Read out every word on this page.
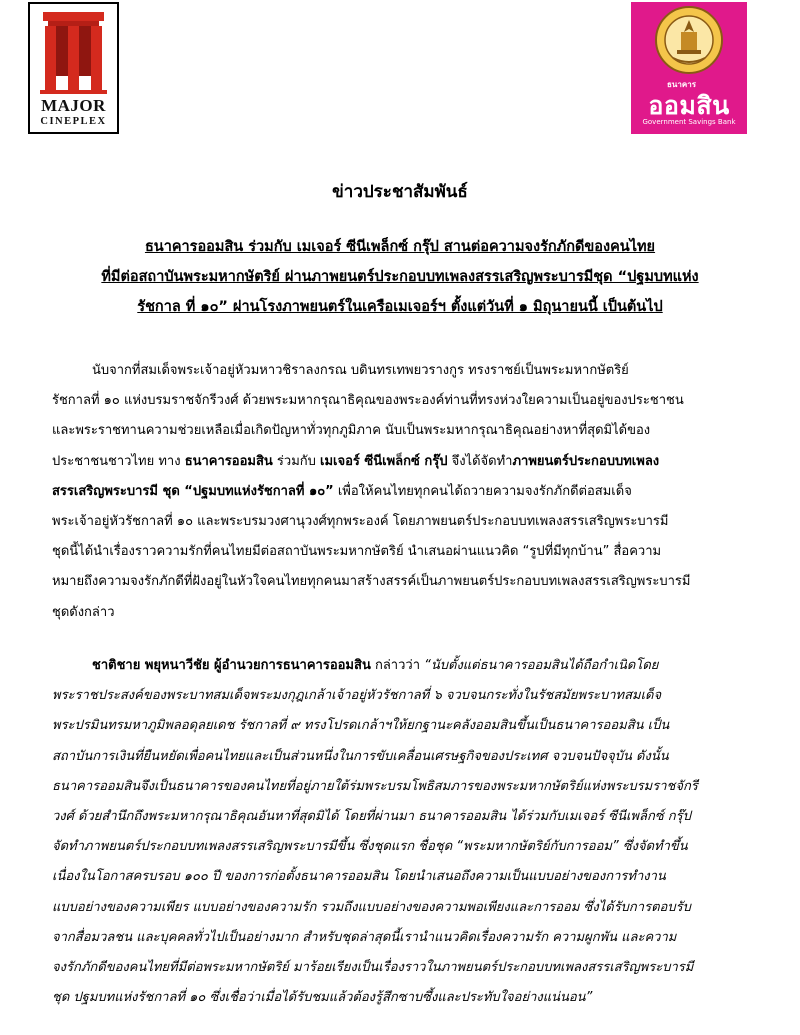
MAJOR
CINEPLEX
ธนาคาร
ออมสิน
Government Savings Bank
ข่าวประชาสัมพันธ์
ธนาคารออมสิน ร่วมกับ เมเจอร์ ซีนีเพล็กซ์ กรุ๊ป สานต่อความจงรักภักดีของคนไทย
ที่มีต่อสถาบันพระมหากษัตริย์ ผ่านภาพยนตร์ประกอบบทเพลงสรรเสริญพระบารมีชุด “ปฐมบทแห่ง
รัชกาล ที่ ๑๐” ผ่านโรงภาพยนตร์ในเครือเมเจอร์ฯ ตั้งแต่วันที่ ๑ มิถุนายนนี้ เป็นต้นไป
นับจากที่สมเด็จพระเจ้าอยู่หัวมหาวชิราลงกรณ บดินทรเทพยวรางกูร ทรงราชย์เป็นพระมหากษัตริย์
รัชกาลที่ ๑๐ แห่งบรมราชจักรีวงศ์ ด้วยพระมหากรุณาธิคุณของพระองค์ท่านที่ทรงห่วงใยความเป็นอยู่ของประชาชน
และพระราชทานความช่วยเหลือเมื่อเกิดปัญหาทั่วทุกภูมิภาค นับเป็นพระมหากรุณาธิคุณอย่างหาที่สุดมิได้ของ
ประชาชนชาวไทย ทาง ธนาคารออมสิน ร่วมกับ เมเจอร์ ซีนีเพล็กซ์ กรุ๊ป จึงได้จัดทำภาพยนตร์ประกอบบทเพลง
สรรเสริญพระบารมี ชุด “ปฐมบทแห่งรัชกาลที่ ๑๐” เพื่อให้คนไทยทุกคนได้ถวายความจงรักภักดีต่อสมเด็จ
พระเจ้าอยู่หัวรัชกาลที่ ๑๐ และพระบรมวงศานุวงศ์ทุกพระองค์ โดยภาพยนตร์ประกอบบทเพลงสรรเสริญพระบารมี
ชุดนี้ได้นำเรื่องราวความรักที่คนไทยมีต่อสถาบันพระมหากษัตริย์ นำเสนอผ่านแนวคิด “รูปที่มีทุกบ้าน” สื่อความ
หมายถึงความจงรักภักดีที่ฝังอยู่ในหัวใจคนไทยทุกคนมาสร้างสรรค์เป็นภาพยนตร์ประกอบบทเพลงสรรเสริญพระบารมี
ชุดดังกล่าว
ชาติชาย พยุหนาวีชัย ผู้อำนวยการธนาคารออมสิน กล่าวว่า “นับตั้งแต่ธนาคารออมสินได้ถือกำเนิดโดย
พระราชประสงค์ของพระบาทสมเด็จพระมงกุฎเกล้าเจ้าอยู่หัวรัชกาลที่ ๖ จวบจนกระทั่งในรัชสมัยพระบาทสมเด็จ
พระปรมินทรมหาภูมิพลอดุลยเดช รัชกาลที่ ๙ ทรงโปรดเกล้าฯให้ยกฐานะคลังออมสินขึ้นเป็นธนาคารออมสิน เป็น
สถาบันการเงินที่ยืนหยัดเพื่อคนไทยและเป็นส่วนหนึ่งในการขับเคลื่อนเศรษฐกิจของประเทศ จวบจนปัจจุบัน ดังนั้น
ธนาคารออมสินจึงเป็นธนาคารของคนไทยที่อยู่ภายใต้ร่มพระบรมโพธิสมภารของพระมหากษัตริย์แห่งพระบรมราชจักรี
วงศ์ ด้วยสำนึกถึงพระมหากรุณาธิคุณอันหาที่สุดมิได้ โดยที่ผ่านมา ธนาคารออมสิน ได้ร่วมกับเมเจอร์ ซีนีเพล็กซ์ กรุ๊ป
จัดทำภาพยนตร์ประกอบบทเพลงสรรเสริญพระบารมีขึ้น ซึ่งชุดแรก ชื่อชุด “พระมหากษัตริย์กับการออม” ซึ่งจัดทำขึ้น
เนื่องในโอกาสครบรอบ ๑๐๐ ปี ของการก่อตั้งธนาคารออมสิน โดยนำเสนอถึงความเป็นแบบอย่างของการทำงาน
แบบอย่างของความเพียร แบบอย่างของความรัก รวมถึงแบบอย่างของความพอเพียงและการออม ซึ่งได้รับการตอบรับ
จากสื่อมวลชน และบุคคลทั่วไปเป็นอย่างมาก สำหรับชุดล่าสุดนี้เรานำแนวคิดเรื่องความรัก ความผูกพัน และความ
จงรักภักดีของคนไทยที่มีต่อพระมหากษัตริย์ มาร้อยเรียงเป็นเรื่องราวในภาพยนตร์ประกอบบทเพลงสรรเสริญพระบารมี
ชุด ปฐมบทแห่งรัชกาลที่ ๑๐ ซึ่งเชื่อว่าเมื่อได้รับชมแล้วต้องรู้สึกซาบซึ้งและประทับใจอย่างแน่นอน”
